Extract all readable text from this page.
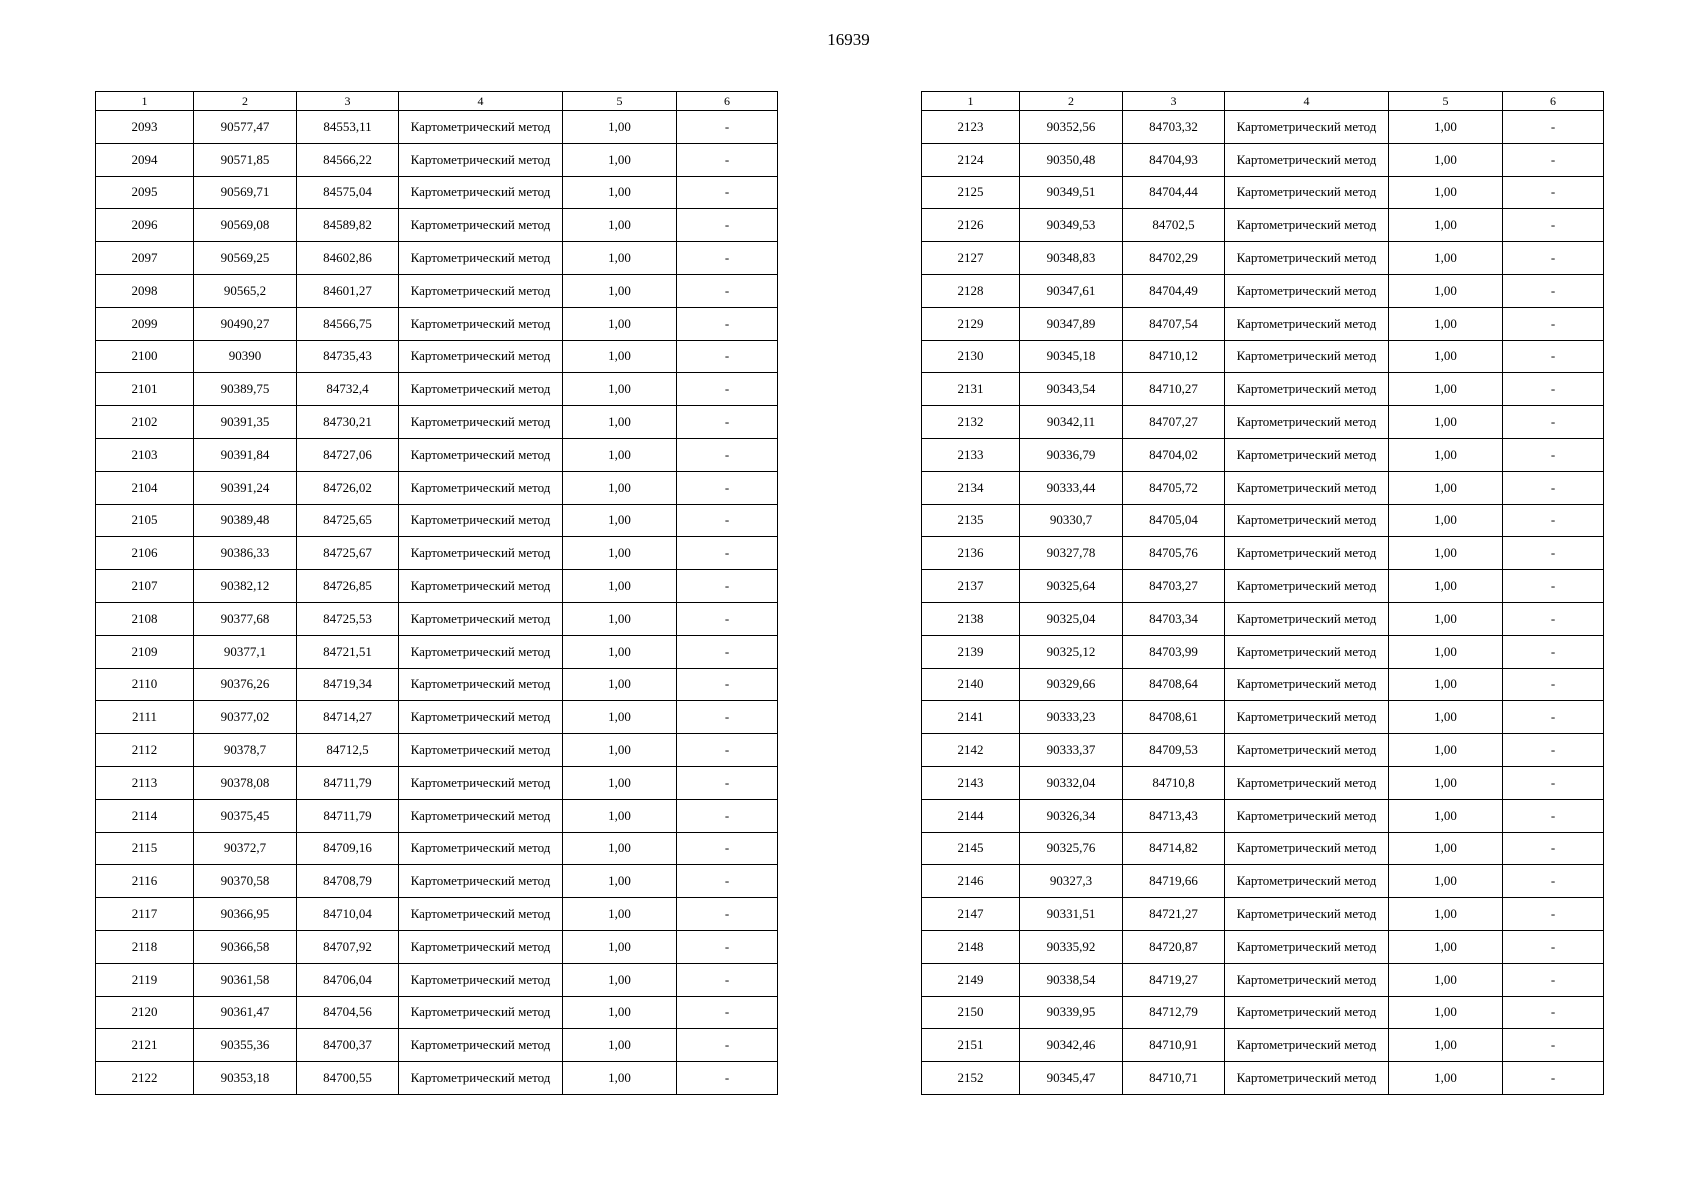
16939
1	2	3	4	5	6
2093	90577,47	84553,11	Картометрический метод	1,00	-
2094	90571,85	84566,22	Картометрический метод	1,00	-
2095	90569,71	84575,04	Картометрический метод	1,00	-
2096	90569,08	84589,82	Картометрический метод	1,00	-
2097	90569,25	84602,86	Картометрический метод	1,00	-
2098	90565,2	84601,27	Картометрический метод	1,00	-
2099	90490,27	84566,75	Картометрический метод	1,00	-
2100	90390	84735,43	Картометрический метод	1,00	-
2101	90389,75	84732,4	Картометрический метод	1,00	-
2102	90391,35	84730,21	Картометрический метод	1,00	-
2103	90391,84	84727,06	Картометрический метод	1,00	-
2104	90391,24	84726,02	Картометрический метод	1,00	-
2105	90389,48	84725,65	Картометрический метод	1,00	-
2106	90386,33	84725,67	Картометрический метод	1,00	-
2107	90382,12	84726,85	Картометрический метод	1,00	-
2108	90377,68	84725,53	Картометрический метод	1,00	-
2109	90377,1	84721,51	Картометрический метод	1,00	-
2110	90376,26	84719,34	Картометрический метод	1,00	-
2111	90377,02	84714,27	Картометрический метод	1,00	-
2112	90378,7	84712,5	Картометрический метод	1,00	-
2113	90378,08	84711,79	Картометрический метод	1,00	-
2114	90375,45	84711,79	Картометрический метод	1,00	-
2115	90372,7	84709,16	Картометрический метод	1,00	-
2116	90370,58	84708,79	Картометрический метод	1,00	-
2117	90366,95	84710,04	Картометрический метод	1,00	-
2118	90366,58	84707,92	Картометрический метод	1,00	-
2119	90361,58	84706,04	Картометрический метод	1,00	-
2120	90361,47	84704,56	Картометрический метод	1,00	-
2121	90355,36	84700,37	Картометрический метод	1,00	-
2122	90353,18	84700,55	Картометрический метод	1,00	-
1	2	3	4	5	6
2123	90352,56	84703,32	Картометрический метод	1,00	-
2124	90350,48	84704,93	Картометрический метод	1,00	-
2125	90349,51	84704,44	Картометрический метод	1,00	-
2126	90349,53	84702,5	Картометрический метод	1,00	-
2127	90348,83	84702,29	Картометрический метод	1,00	-
2128	90347,61	84704,49	Картометрический метод	1,00	-
2129	90347,89	84707,54	Картометрический метод	1,00	-
2130	90345,18	84710,12	Картометрический метод	1,00	-
2131	90343,54	84710,27	Картометрический метод	1,00	-
2132	90342,11	84707,27	Картометрический метод	1,00	-
2133	90336,79	84704,02	Картометрический метод	1,00	-
2134	90333,44	84705,72	Картометрический метод	1,00	-
2135	90330,7	84705,04	Картометрический метод	1,00	-
2136	90327,78	84705,76	Картометрический метод	1,00	-
2137	90325,64	84703,27	Картометрический метод	1,00	-
2138	90325,04	84703,34	Картометрический метод	1,00	-
2139	90325,12	84703,99	Картометрический метод	1,00	-
2140	90329,66	84708,64	Картометрический метод	1,00	-
2141	90333,23	84708,61	Картометрический метод	1,00	-
2142	90333,37	84709,53	Картометрический метод	1,00	-
2143	90332,04	84710,8	Картометрический метод	1,00	-
2144	90326,34	84713,43	Картометрический метод	1,00	-
2145	90325,76	84714,82	Картометрический метод	1,00	-
2146	90327,3	84719,66	Картометрический метод	1,00	-
2147	90331,51	84721,27	Картометрический метод	1,00	-
2148	90335,92	84720,87	Картометрический метод	1,00	-
2149	90338,54	84719,27	Картометрический метод	1,00	-
2150	90339,95	84712,79	Картометрический метод	1,00	-
2151	90342,46	84710,91	Картометрический метод	1,00	-
2152	90345,47	84710,71	Картометрический метод	1,00	-
